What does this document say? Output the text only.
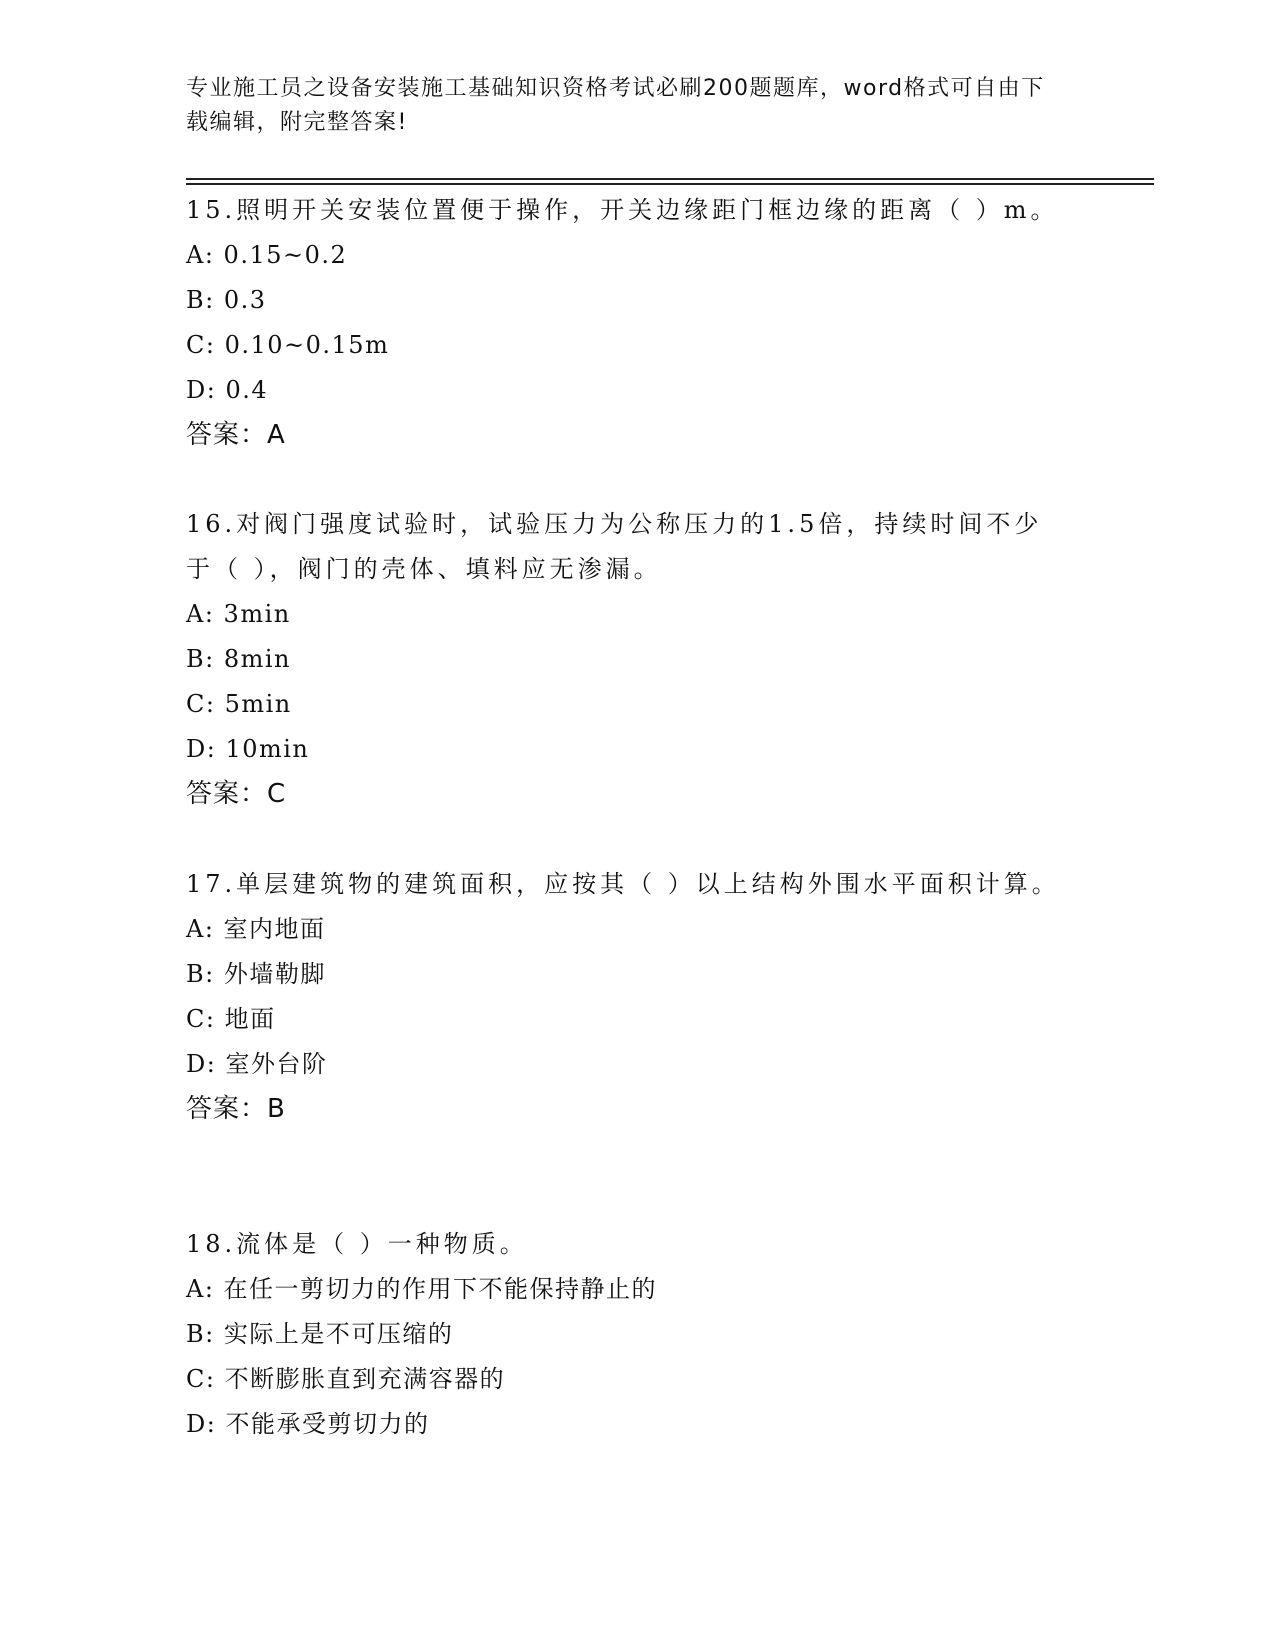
专业施工员之设备安装施工基础知识资格考试必刷200题题库，word格式可自由下载编辑，附完整答案!

15.照明开关安装位置便于操作，开关边缘距门框边缘的距离（ ）m。

A: 0.15~0.2
B: 0.3
C: 0.10~0.15m
D: 0.4
答案：A

16.对阀门强度试验时，试验压力为公称压力的1.5倍，持续时间不少于（ ），阀门的壳体、填料应无渗漏。

A: 3min
B: 8min
C: 5min
D: 10min
答案：C

17.单层建筑物的建筑面积，应按其（ ）以上结构外围水平面积计算。

A: 室内地面
B: 外墙勒脚
C: 地面
D: 室外台阶
答案：B

18.流体是（ ）一种物质。

A: 在任一剪切力的作用下不能保持静止的
B: 实际上是不可压缩的
C: 不断膨胀直到充满容器的
D: 不能承受剪切力的
